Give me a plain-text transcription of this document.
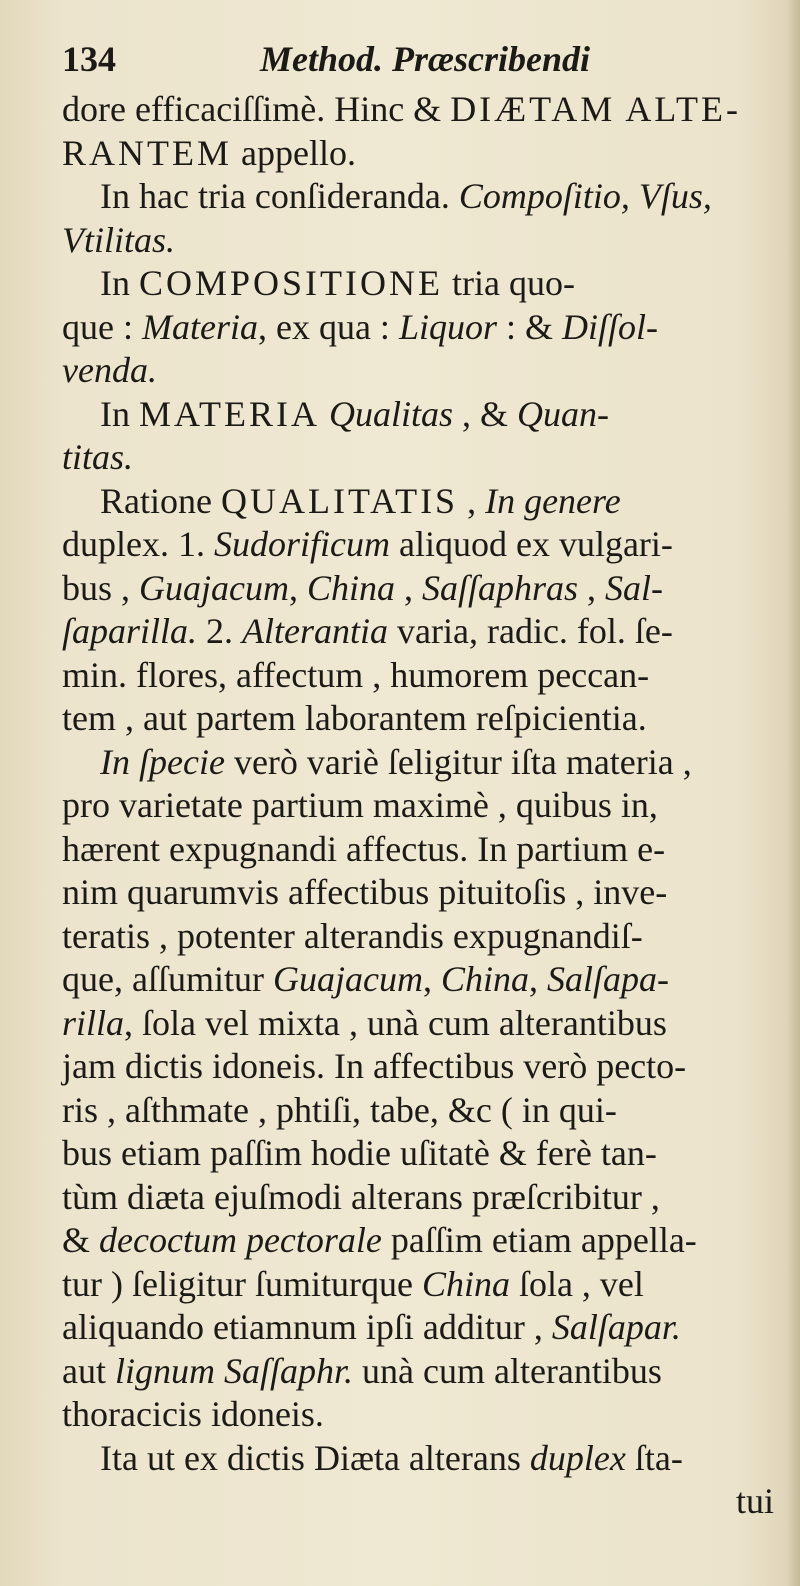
134	Method. Præscribendi
dore efficaciſſimè. Hinc & DIÆTAM ALTE-
RANTEM appello.
In hac tria conſideranda. Compoſitio, Vſus,
Vtilitas.
In COMPOSITIONE tria quo-
que : Materia, ex qua : Liquor : & Diſſol-
venda.
In MATERIA Qualitas , & Quan-
titas.
Ratione QUALITATIS , In genere
duplex. 1. Sudorificum aliquod ex vulgari-
bus , Guajacum, China , Saſſaphras , Sal-
ſaparilla. 2. Alterantia varia, radic. fol. ſe-
min. flores, affectum , humorem peccan-
tem , aut partem laborantem reſpicientia.
In ſpecie verò variè ſeligitur iſta materia ,
pro varietate partium maximè , quibus in,
hærent expugnandi affectus. In partium e-
nim quarumvis affectibus pituitoſis , inve-
teratis , potenter alterandis expugnandiſ-
que, aſſumitur Guajacum, China, Salſapa-
rilla, ſola vel mixta , unà cum alterantibus
jam dictis idoneis. In affectibus verò pecto-
ris , aſthmate , phtiſi, tabe, &c ( in qui-
bus etiam paſſim hodie uſitatè & ferè tan-
tùm diæta ejuſmodi alterans præſcribitur ,
& decoctum pectorale paſſim etiam appella-
tur ) ſeligitur ſumiturque China ſola , vel
aliquando etiamnum ipſi additur , Salſapar.
aut lignum Saſſaphr. unà cum alterantibus
thoracicis idoneis.
Ita ut ex dictis Diæta alterans duplex ſta-
tui
